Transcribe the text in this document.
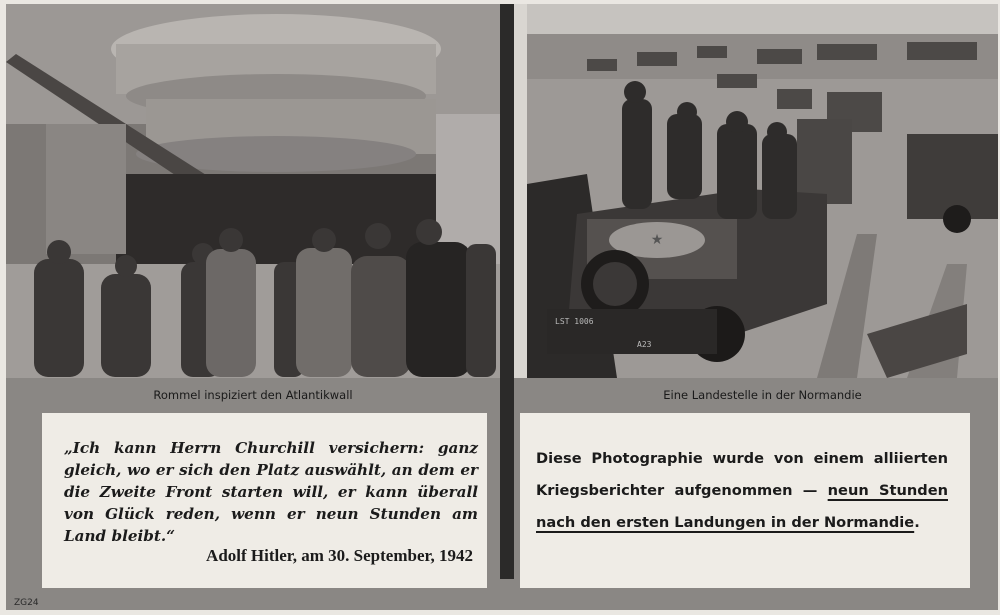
★
LST 1006
A23
Rommel inspiziert den Atlantikwall	Eine Landestelle in der Normandie
„Ich kann Herrn Churchill versichern: ganz gleich, wo er sich den Platz auswählt, an dem er die Zweite Front starten will, er kann überall von Glück reden, wenn er neun Stunden am Land bleibt.“
Adolf Hitler, am 30. September, 1942
Diese Photographie wurde von einem alliierten Kriegsberichter aufgenommen — neun Stunden nach den ersten Landungen in der Normandie.
ZG24
